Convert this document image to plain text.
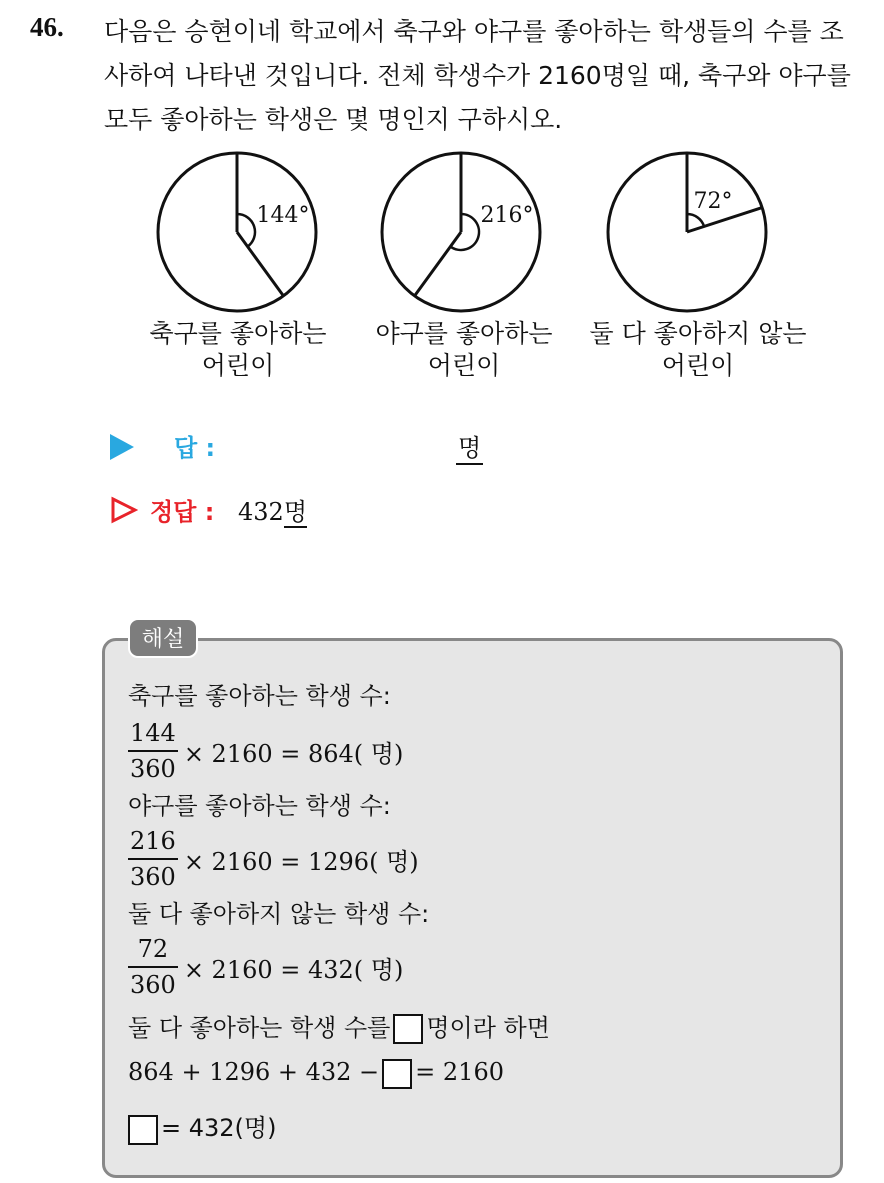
46. 다음은 승현이네 학교에서 축구와 야구를 좋아하는 학생들의 수를 조
사하여 나타낸 것입니다. 전체 학생수가 2160명일 때, 축구와 야구를
모두 좋아하는 학생은 몇 명인지 구하시오.
144°	216°
72°
축구를 좋아하는
어린이
야구를 좋아하는
어린이
둘 다 좋아하지 않는
어린이
답 :	명
정답 : 432명
해설
축구를 좋아하는 학생 수:
$\frac{144}{360} \times 2160 = 864$( 명)
야구를 좋아하는 학생 수:
$\frac{216}{360} \times 2160 = 1296$( 명)
둘 다 좋아하지 않는 학생 수:
$\frac{72}{360} \times 2160 = 432$( 명)
둘 다 좋아하는 학생 수를 명이라 하면
864 + 1296 + 432 − = 2160
= 432(명)
